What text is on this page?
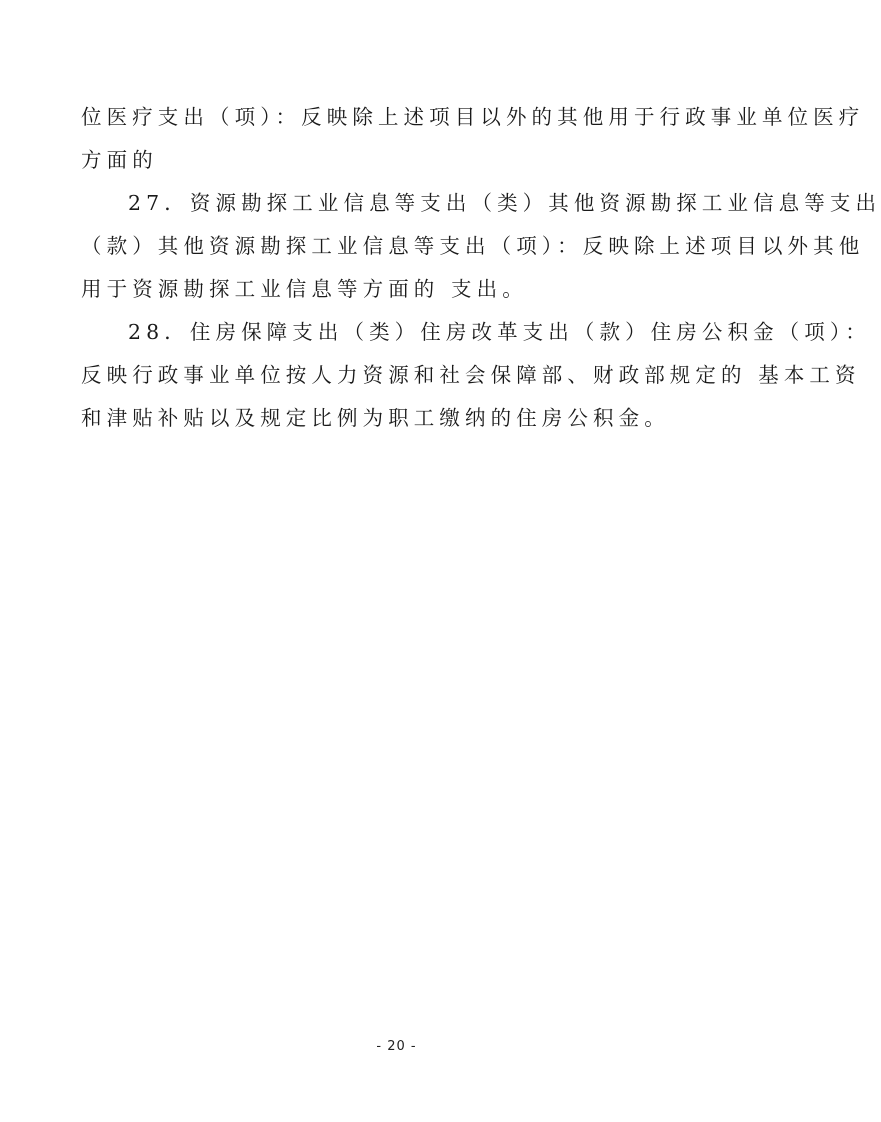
位医疗支出（项）：反映除上述项目以外的其他用于行政事业单位医疗
方面的
27．资源勘探工业信息等支出（类）其他资源勘探工业信息等支出
（款）其他资源勘探工业信息等支出（项）：反映除上述项目以外其他
用于资源勘探工业信息等方面的 支出。
28．住房保障支出（类）住房改革支出（款）住房公积金（项）：
反映行政事业单位按人力资源和社会保障部、财政部规定的 基本工资
和津贴补贴以及规定比例为职工缴纳的住房公积金。
- 20 -
